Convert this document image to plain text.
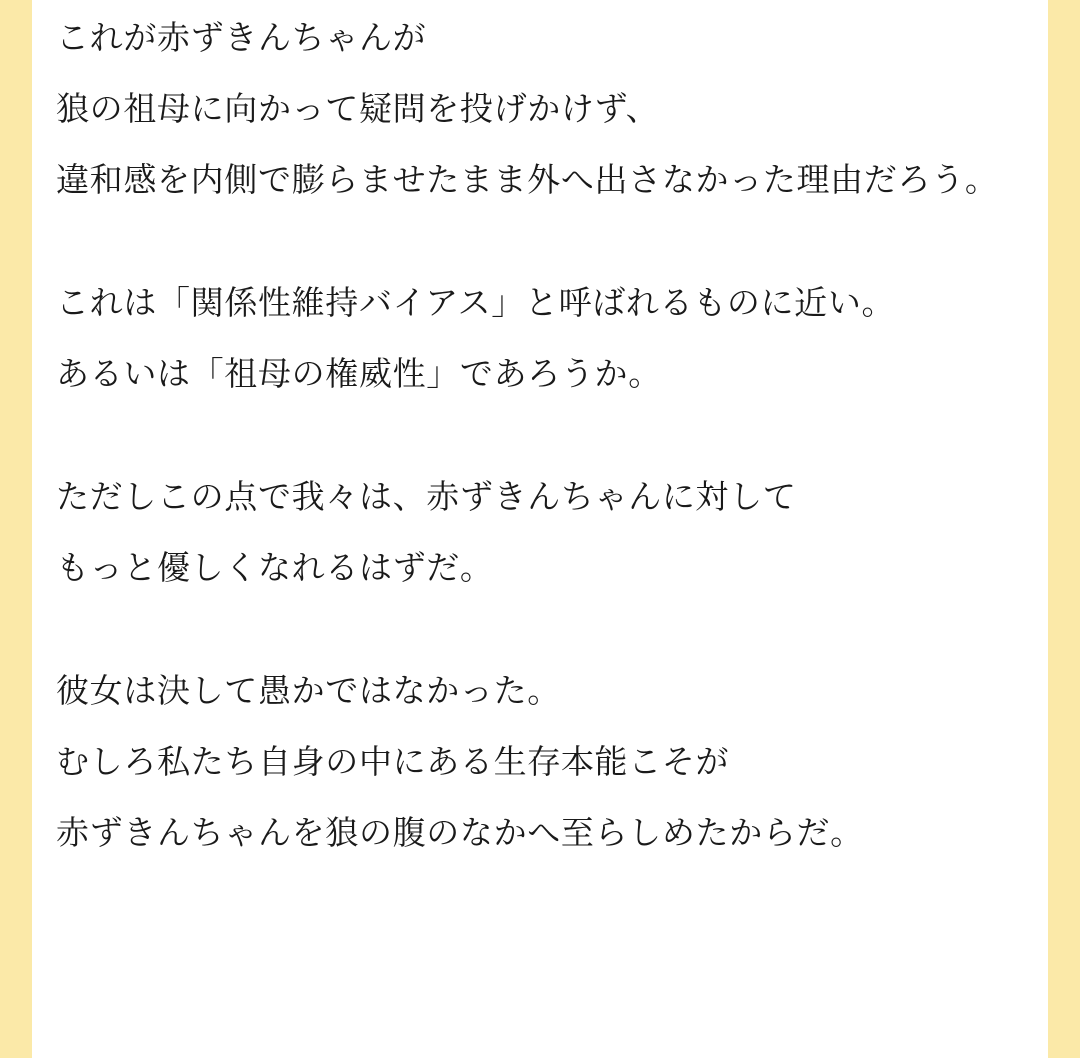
これが赤ずきんちゃんが
狼の祖母に向かって疑問を投げかけず、
違和感を内側で膨らませたまま外へ出さなかった理由だろう。
これは「関係性維持バイアス」と呼ばれるものに近い。
あるいは「祖母の権威性」であろうか。
ただしこの点で我々は、赤ずきんちゃんに対して
もっと優しくなれるはずだ。
彼女は決して愚かではなかった。
むしろ私たち自身の中にある生存本能こそが
赤ずきんちゃんを狼の腹のなかへ至らしめたからだ。
